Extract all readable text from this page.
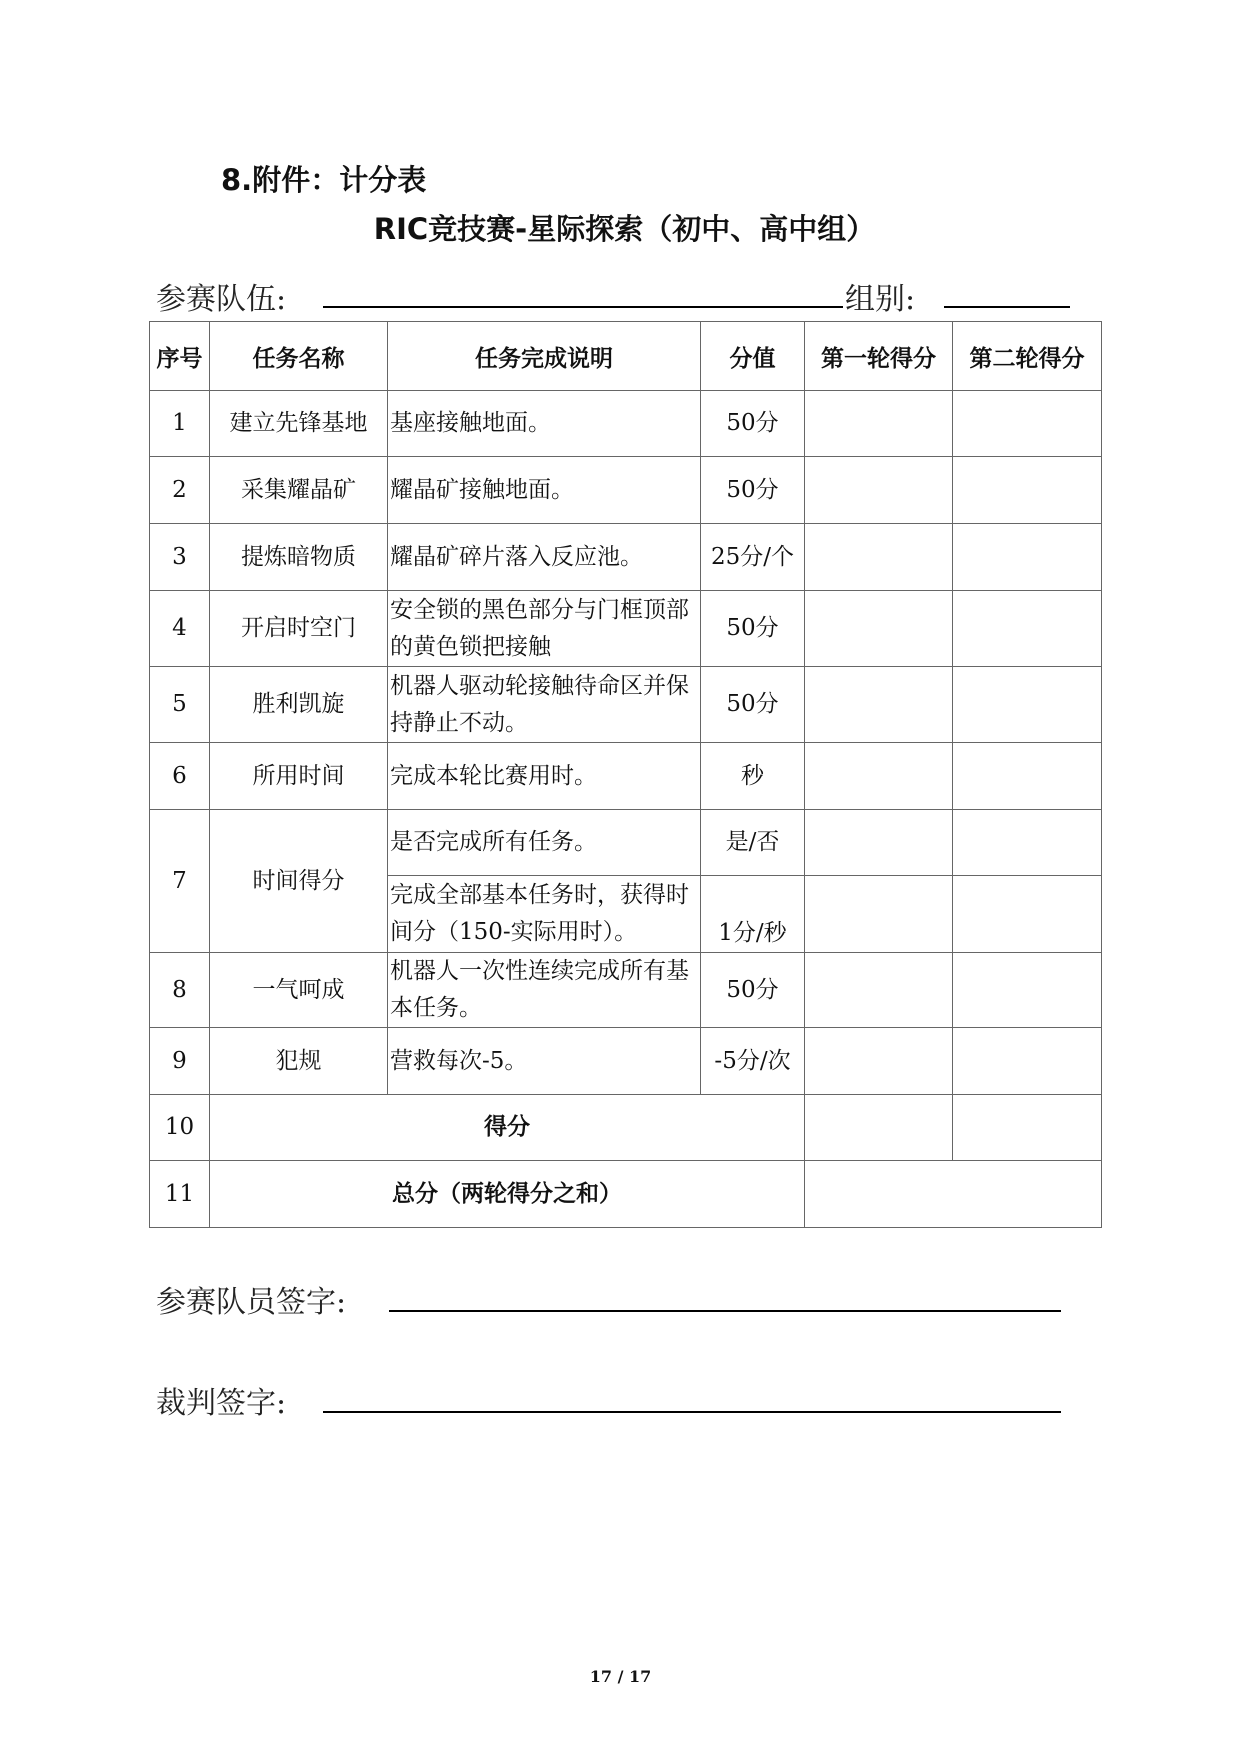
8.附件：计分表
RIC竞技赛-星际探索（初中、高中组）
参赛队伍:	组别:
序号	任务名称	任务完成说明	分值	第一轮得分	第二轮得分
1	建立先锋基地	基座接触地面。	50分		
2	采集耀晶矿	耀晶矿接触地面。	50分		
3	提炼暗物质	耀晶矿碎片落入反应池。	25分/个		
4	开启时空门	安全锁的黑色部分与门框顶部的黄色锁把接触	50分		
5	胜利凯旋	机器人驱动轮接触待命区并保持静止不动。	50分		
6	所用时间	完成本轮比赛用时。	秒		
7	时间得分	是否完成所有任务。	是/否		
		完成全部基本任务时，获得时间分（150-实际用时）。	1分/秒		
8	一气呵成	机器人一次性连续完成所有基本任务。	50分		
9	犯规	营救每次-5。	-5分/次		
10	得分				
11	总分（两轮得分之和）				
参赛队员签字:
裁判签字:
17 / 17
